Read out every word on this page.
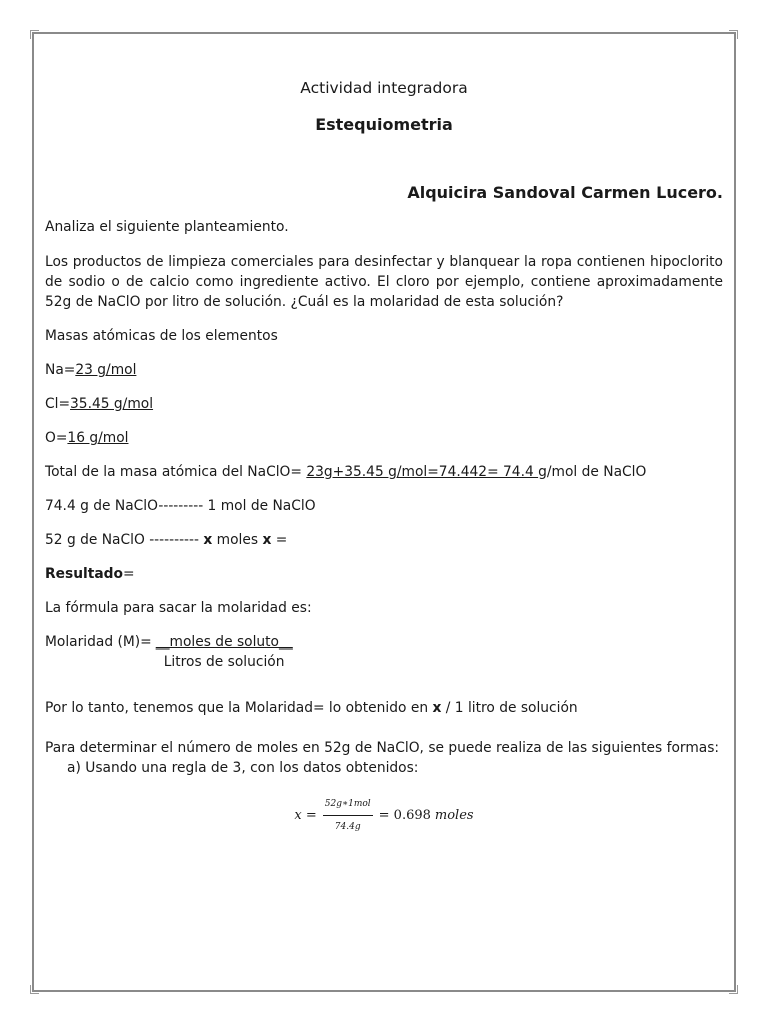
Actividad integradora

Estequiometria

Alquicira Sandoval Carmen Lucero.

Analiza el siguiente planteamiento.

Los productos de limpieza comerciales para desinfectar y blanquear la ropa contienen hipoclorito de sodio o de calcio como ingrediente activo. El cloro por ejemplo, contiene aproximadamente 52g de NaClO por litro de solución. ¿Cuál es la molaridad de esta solución?

Masas atómicas de los elementos

Na=23 g/mol

Cl=35.45 g/mol

O=16 g/mol

Total de la masa atómica del NaClO= 23g+35.45 g/mol=74.442= 74.4 g/mol de NaClO

74.4 g de NaClO--------- 1 mol de NaClO

52 g de NaClO ---------- x moles x =

Resultado=

La fórmula para sacar la molaridad es:

Molaridad $(M)= \frac{\text{\_\_moles de soluto\_\_}}{\text{Litros de solución}}$

Por lo tanto, tenemos que la Molaridad= lo obtenido en x / 1 litro de solución

Para determinar el número de moles en 52g de NaClO, se puede realiza de las siguientes formas:

a) Usando una regla de 3, con los datos obtenidos:

x =
52g∗1mol
74.4g
= 0.698 moles
